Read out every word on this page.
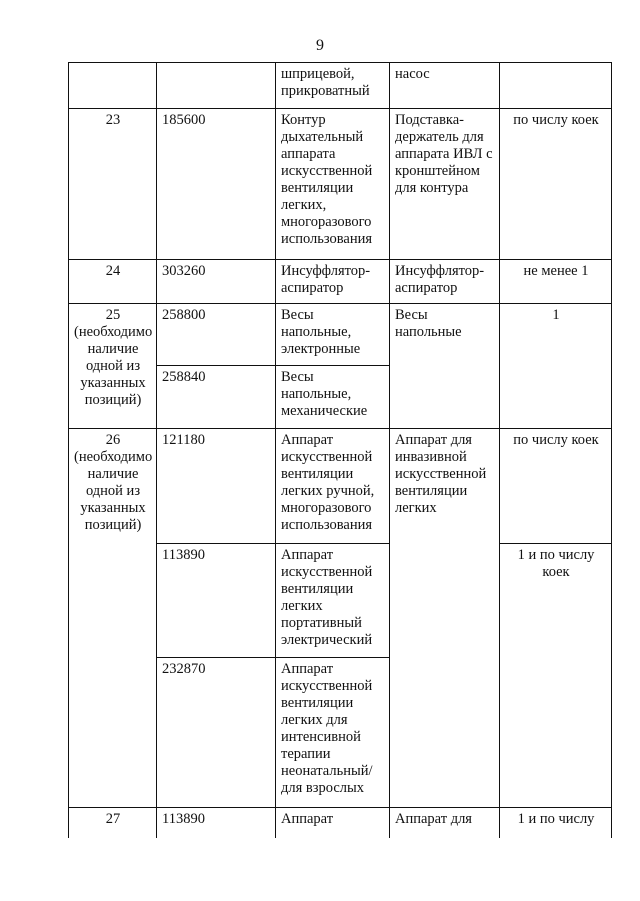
9
		шприцевой, прикроватный	насос	
23	185600	Контур дыхательный аппарата искусственной вентиляции легких, многоразового использования	Подставка-держатель для аппарата ИВЛ с кронштейном для контура	по числу коек
24	303260	Инсуффлятор-аспиратор	Инсуффлятор-аспиратор	не менее 1
25 (необходимо наличие одной из указанных позиций)	258800	Весы напольные, электронные	Весы напольные	1
	258840	Весы напольные, механические		
26 (необходимо наличие одной из указанных позиций)	121180	Аппарат искусственной вентиляции легких ручной, многоразового использования	Аппарат для инвазивной искусственной вентиляции легких	по числу коек
	113890	Аппарат искусственной вентиляции легких портативный электрический		1 и по числу коек
	232870	Аппарат искусственной вентиляции легких для интенсивной терапии неонатальный/ для взрослых		
27	113890	Аппарат	Аппарат для	1 и по числу
